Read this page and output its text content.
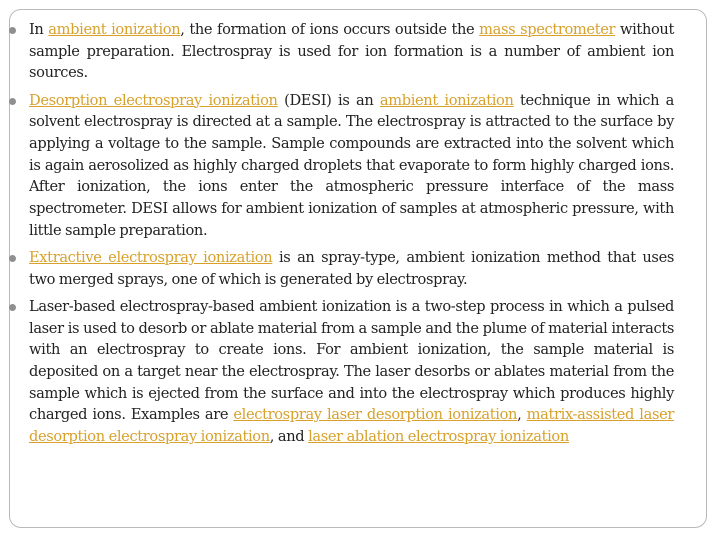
In ambient ionization, the formation of ions occurs outside the mass spectrometer without sample preparation. Electrospray is used for ion formation is a number of ambient ion sources.
Desorption electrospray ionization (DESI) is an ambient ionization technique in which a solvent electrospray is directed at a sample. The electrospray is attracted to the surface by applying a voltage to the sample. Sample compounds are extracted into the solvent which is again aerosolized as highly charged droplets that evaporate to form highly charged ions. After ionization, the ions enter the atmospheric pressure interface of the mass spectrometer. DESI allows for ambient ionization of samples at atmospheric pressure, with little sample preparation.
Extractive electrospray ionization is an spray-type, ambient ionization method that uses two merged sprays, one of which is generated by electrospray.
Laser-based electrospray-based ambient ionization is a two-step process in which a pulsed laser is used to desorb or ablate material from a sample and the plume of material interacts with an electrospray to create ions. For ambient ionization, the sample material is deposited on a target near the electrospray. The laser desorbs or ablates material from the sample which is ejected from the surface and into the electrospray which produces highly charged ions. Examples are electrospray laser desorption ionization, matrix-assisted laser desorption electrospray ionization, and laser ablation electrospray ionization
